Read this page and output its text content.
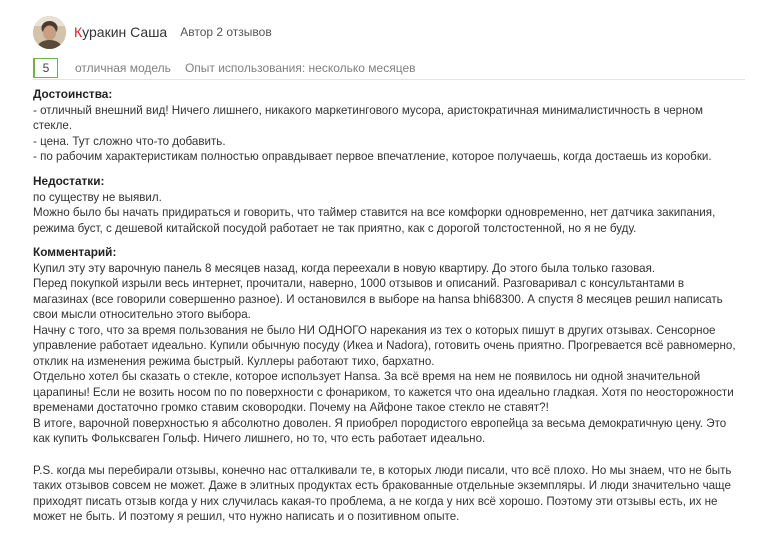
Куракин Саша Автор 2 отзывов
5	отличная модель Опыт использования: несколько месяцев
Достоинства:
- отличный внешний вид! Ничего лишнего, никакого маркетингового мусора, аристократичная минималистичность в черном
стекле.
- цена. Тут сложно что-то добавить.
- по рабочим характеристикам полностью оправдывает первое впечатление, которое получаешь, когда достаешь из коробки.
Недостатки:
по существу не выявил.
Можно было бы начать придираться и говорить, что таймер ставится на все комфорки одновременно, нет датчика закипания,
режима буст, с дешевой китайской посудой работает не так приятно, как с дорогой толстостенной, но я не буду.
Комментарий:
Купил эту эту варочную панель 8 месяцев назад, когда переехали в новую квартиру. До этого была только газовая.
Перед покупкой изрыли весь интернет, прочитали, наверно, 1000 отзывов и описаний. Разговаривал с консультантами в
магазинах (все говорили совершенно разное). И остановился в выборе на hansa bhi68300. А спустя 8 месяцев решил написать
свои мысли относительно этого выбора.
Начну с того, что за время пользования не было НИ ОДНОГО нарекания из тех о которых пишут в других отзывах. Сенсорное
управление работает идеально. Купили обычную посуду (Икеа и Nadora), готовить очень приятно. Прогревается всё равномерно,
отклик на изменения режима быстрый. Куллеры работают тихо, бархатно.
Отдельно хотел бы сказать о стекле, которое использует Hansa. За всё время на нем не появилось ни одной значительной
царапины! Если не возить носом по по поверхности с фонариком, то кажется что она идеально гладкая. Хотя по неосторожности
временами достаточно громко ставим сковородки. Почему на Айфоне такое стекло не ставят?!
В итоге, варочной поверхностью я абсолютно доволен. Я приобрел породистого европейца за весьма демократичную цену. Это
как купить Фольксваген Гольф. Ничего лишнего, но то, что есть работает идеально.
P.S. когда мы перебирали отзывы, конечно нас отталкивали те, в которых люди писали, что всё плохо. Но мы знаем, что не быть
таких отзывов совсем не может. Даже в элитных продуктах есть бракованные отдельные экземпляры. И люди значительно чаще
приходят писать отзыв когда у них случилась какая-то проблема, а не когда у них всё хорошо. Поэтому эти отзывы есть, их не
может не быть. И поэтому я решил, что нужно написать и о позитивном опыте.
